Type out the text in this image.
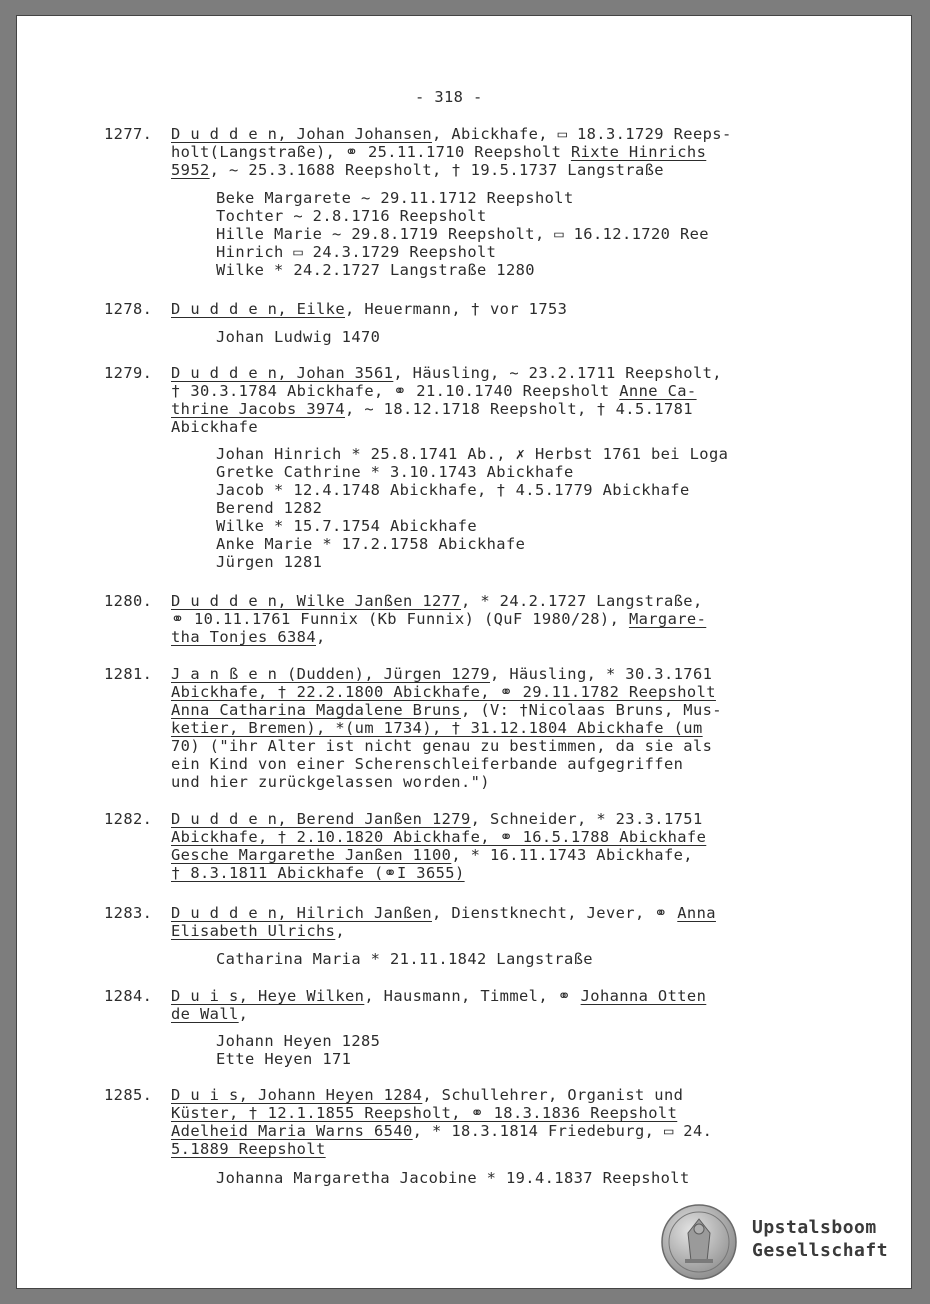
- 318 -
1277. D u d d e n, Johan Johansen, Abickhafe, ▭ 18.3.1729 Reeps-
holt(Langstraße), ⚭ 25.11.1710 Reepsholt Rixte Hinrichs
5952, ~ 25.3.1688 Reepsholt, † 19.5.1737 Langstraße
Beke Margarete ~ 29.11.1712 Reepsholt
Tochter ~ 2.8.1716 Reepsholt
Hille Marie ~ 29.8.1719 Reepsholt, ▭ 16.12.1720 Ree
Hinrich ▭ 24.3.1729 Reepsholt
Wilke * 24.2.1727 Langstraße 1280
1278. D u d d e n, Eilke, Heuermann, † vor 1753
Johan Ludwig 1470
1279. D u d d e n, Johan 3561, Häusling, ~ 23.2.1711 Reepsholt,
† 30.3.1784 Abickhafe, ⚭ 21.10.1740 Reepsholt Anne Ca-
thrine Jacobs 3974, ~ 18.12.1718 Reepsholt, † 4.5.1781
Abickhafe
Johan Hinrich * 25.8.1741 Ab., ✗ Herbst 1761 bei Loga
Gretke Cathrine * 3.10.1743 Abickhafe
Jacob * 12.4.1748 Abickhafe, † 4.5.1779 Abickhafe
Berend 1282
Wilke * 15.7.1754 Abickhafe
Anke Marie * 17.2.1758 Abickhafe
Jürgen 1281
1280. D u d d e n, Wilke Janßen 1277, * 24.2.1727 Langstraße,
⚭ 10.11.1761 Funnix (Kb Funnix) (QuF 1980/28), Margare-
tha Tonjes 6384,
1281. J a n ß e n (Dudden), Jürgen 1279, Häusling, * 30.3.1761
Abickhafe, † 22.2.1800 Abickhafe, ⚭ 29.11.1782 Reepsholt
Anna Catharina Magdalene Bruns, (V: †Nicolaas Bruns, Mus-
ketier, Bremen), *(um 1734), † 31.12.1804 Abickhafe (um
70) ("ihr Alter ist nicht genau zu bestimmen, da sie als
ein Kind von einer Scherenschleiferbande aufgegriffen
und hier zurückgelassen worden.")
1282. D u d d e n, Berend Janßen 1279, Schneider, * 23.3.1751
Abickhafe, † 2.10.1820 Abickhafe, ⚭ 16.5.1788 Abickhafe
Gesche Margarethe Janßen 1100, * 16.11.1743 Abickhafe,
† 8.3.1811 Abickhafe (⚭I 3655)
1283. D u d d e n, Hilrich Janßen, Dienstknecht, Jever, ⚭ Anna
Elisabeth Ulrichs,
Catharina Maria * 21.11.1842 Langstraße
1284. D u i s, Heye Wilken, Hausmann, Timmel, ⚭ Johanna Otten
de Wall,
Johann Heyen 1285
Ette Heyen 171
1285. D u i s, Johann Heyen 1284, Schullehrer, Organist und
Küster, † 12.1.1855 Reepsholt, ⚭ 18.3.1836 Reepsholt
Adelheid Maria Warns 6540, * 18.3.1814 Friedeburg, ▭ 24.
5.1889 Reepsholt
Johanna Margaretha Jacobine * 19.4.1837 Reepsholt
Upstalsboom
Gesellschaft
